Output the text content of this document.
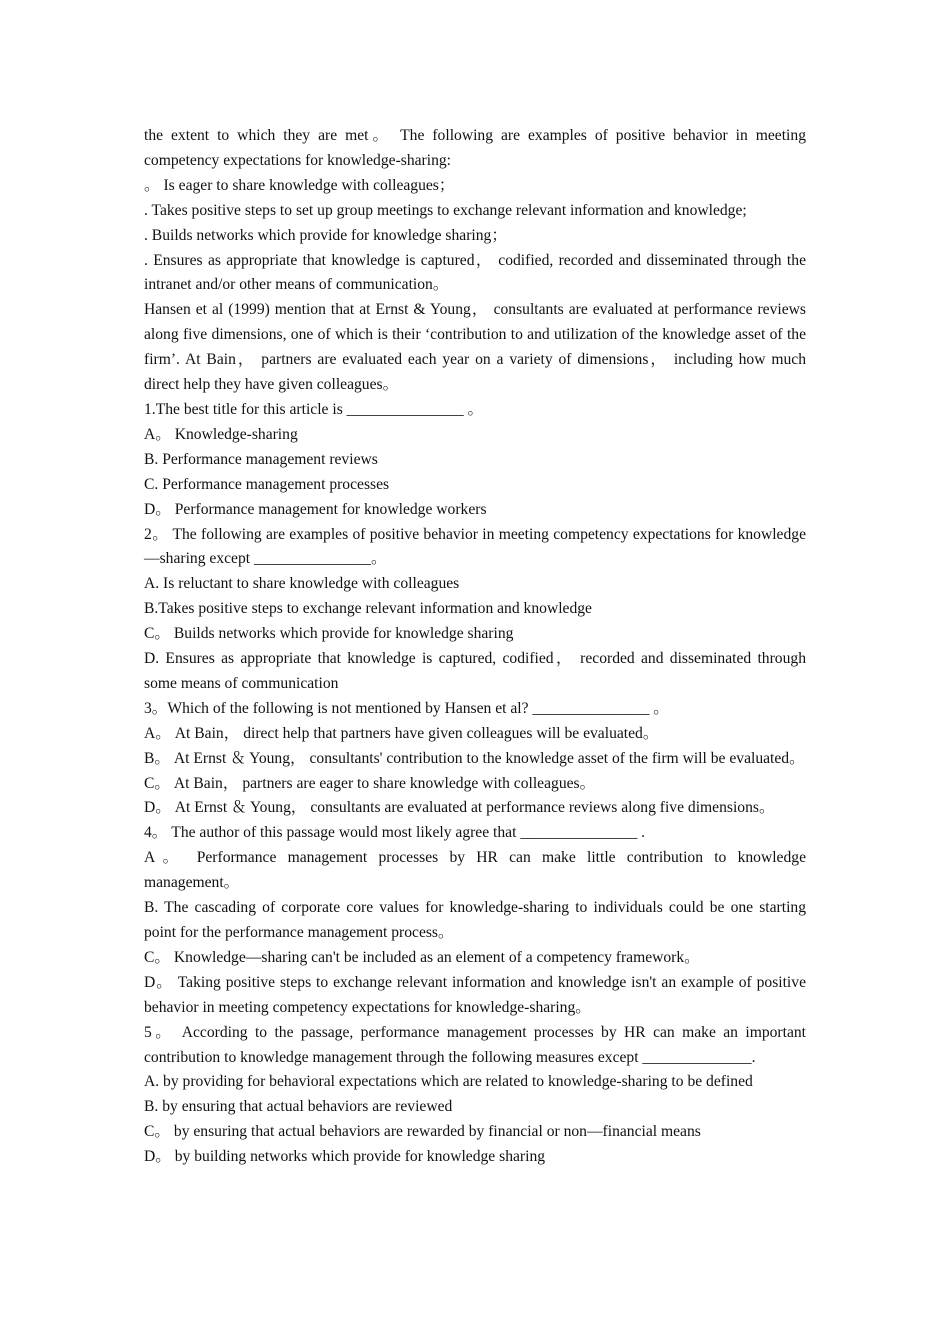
the extent to which they are met。 The following are examples of positive behavior in meeting competency expectations for knowledge-sharing:

。 Is eager to share knowledge with colleagues；

. Takes positive steps to set up group meetings to exchange relevant information and knowledge;

. Builds networks which provide for knowledge sharing；

. Ensures as appropriate that knowledge is captured， codified, recorded and disseminated through the intranet and/or other means of communication。

Hansen et al (1999) mention that at Ernst & Young， consultants are evaluated at performance reviews along five dimensions, one of which is their ‘contribution to and utilization of the knowledge asset of the firm’. At Bain， partners are evaluated each year on a variety of dimensions， including how much direct help they have given colleagues。

1.The best title for this article is _______________ 。

A。 Knowledge-sharing

B. Performance management reviews

C. Performance management processes

D。 Performance management for knowledge workers

2。 The following are examples of positive behavior in meeting competency expectations for knowledge—sharing except _______________。

A. Is reluctant to share knowledge with colleagues

B.Takes positive steps to exchange relevant information and knowledge

C。 Builds networks which provide for knowledge sharing

D. Ensures as appropriate that knowledge is captured, codified， recorded and disseminated through some means of communication

3。Which of the following is not mentioned by Hansen et al? _______________ 。

A。 At Bain， direct help that partners have given colleagues will be evaluated。

B。 At Ernst ＆ Young， consultants' contribution to the knowledge asset of the firm will be evaluated。

C。 At Bain， partners are eager to share knowledge with colleagues。

D。 At Ernst ＆ Young， consultants are evaluated at performance reviews along five dimensions。

4。 The author of this passage would most likely agree that _______________ .

A。 Performance management processes by HR can make little contribution to knowledge management。

B. The cascading of corporate core values for knowledge-sharing to individuals could be one starting point for the performance management process。

C。 Knowledge—sharing can't be included as an element of a competency framework。

D。 Taking positive steps to exchange relevant information and knowledge isn't an example of positive behavior in meeting competency expectations for knowledge-sharing。

5。 According to the passage, performance management processes by HR can make an important contribution to knowledge management through the following measures except ______________.

A. by providing for behavioral expectations which are related to knowledge-sharing to be defined

B. by ensuring that actual behaviors are reviewed

C。 by ensuring that actual behaviors are rewarded by financial or non—financial means

D。 by building networks which provide for knowledge sharing
